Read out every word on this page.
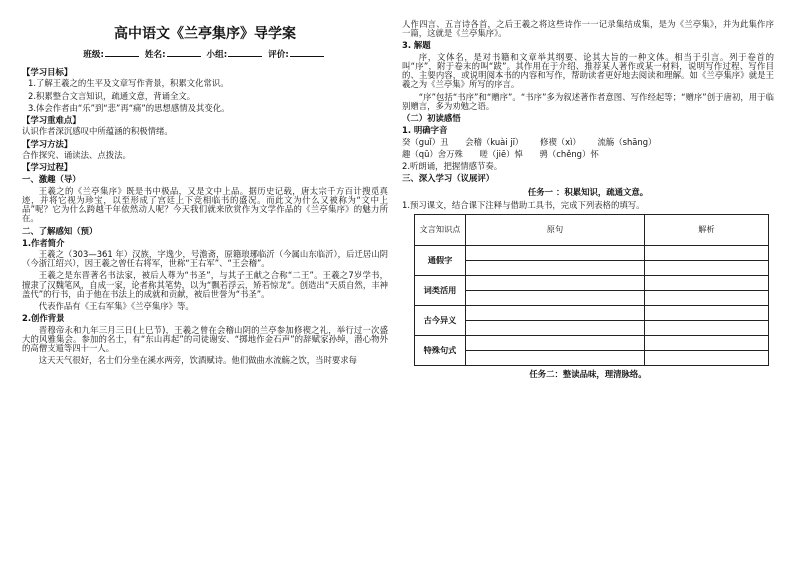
高中语文《兰亭集序》导学案
班级:	姓名:	小组:	评价:
【学习目标】
1.了解王羲之的生平及文章写作背景，积累文化常识。
2.积累整合文言知识，疏通文意，背诵全文。
3.体会作者由“乐”到“悲”再“痛”的思想感情及其变化。
【学习重难点】
认识作者深沉感叹中所蕴涵的积极情绪。
【学习方法】
合作探究、诵读法、点拨法。
【学习过程】
一、激趣（导）
王羲之的《兰亭集序》既是书中极品，又是文中上品。据历史记载，唐太宗千方百计搜觅真迹，并将它视为珍宝，以至形成了宫廷上下竞相临书的盛况。而此文为什么又被称为“文中上品”呢？它为什么跨越千年依然动人呢？今天我们就来欣赏作为文学作品的《兰亭集序》的魅力所在。
二、了解感知（预）
1.作者简介
王羲之（303—361 年）汉族，字逸少，号澹斋，原籍琅琊临沂（今属山东临沂），后迁居山阴（今浙江绍兴），因王羲之曾任右将军，世称“王右军”、“王会稽”。
王羲之是东晋著名书法家，被后人尊为“书圣”，与其子王献之合称“二王”。王羲之7岁学书，擅隶了汉魏笔风，自成一家，论者称其笔势，以为“飘若浮云，矫若惊龙”。创造出“天质自然，丰神盖代”的行书，由于他在书法上的成就和贡献，被后世誉为“书圣”。
代表作品有《王右军集》《兰亭集序》等。
2.创作背景
晋穆帝永和九年三月三日(上巳节)，王羲之曾在会稽山阴的兰亭参加修禊之礼，举行过一次盛大的风雅集会。参加的名士，有“东山再起”的司徒谢安、“掷地作金石声”的辞赋家孙绰，潜心物外的高僧支遁等四十一人。
这天天气很好，名士们分坐在溪水两旁，饮酒赋诗。他们做曲水流觞之饮，当时要求每
人作四言、五言诗各首，之后王羲之将这些诗作一一记录集结成集，是为《兰亭集》，并为此集作序一篇，这就是《兰亭集序》。
3. 解题
序，文体名，是对书籍和文章举其纲要、论其大旨的一种文体。相当于引言。列于卷首的叫“序”，附于卷末的叫“跋”。其作用在于介绍、推荐某人著作或某一材料，说明写作过程、写作目的、主要内容，或说明阅本书的内容和写作，帮助读者更好地去阅读和理解。如《兰亭集序》就是王羲之为《兰亭集》所写的序言。
“序”包括“书序”和“赠序”。“书序”多为叙述著作者意图、写作经起等；“赠序”创于唐初，用于临别赠言，多为劝勉之语。
（二）初读感悟
1. 明确字音
癸（guǐ）丑 会稽（kuài jī） 修禊（xì） 流觞（shāng）
趣（qū）舍万殊 嗟（jiē）悼 骋（chěng）怀
2.听朗诵，把握情感节奏。
三、深入学习（议展评）
任务一 ：积累知识，疏通文意。
1.预习课文，结合课下注释与借助工具书，完成下列表格的填写。
文言知识点	原句	解析
通假字		

词类活用		

古今异义		

特殊句式		

任务二：整读品味，理清脉络。
